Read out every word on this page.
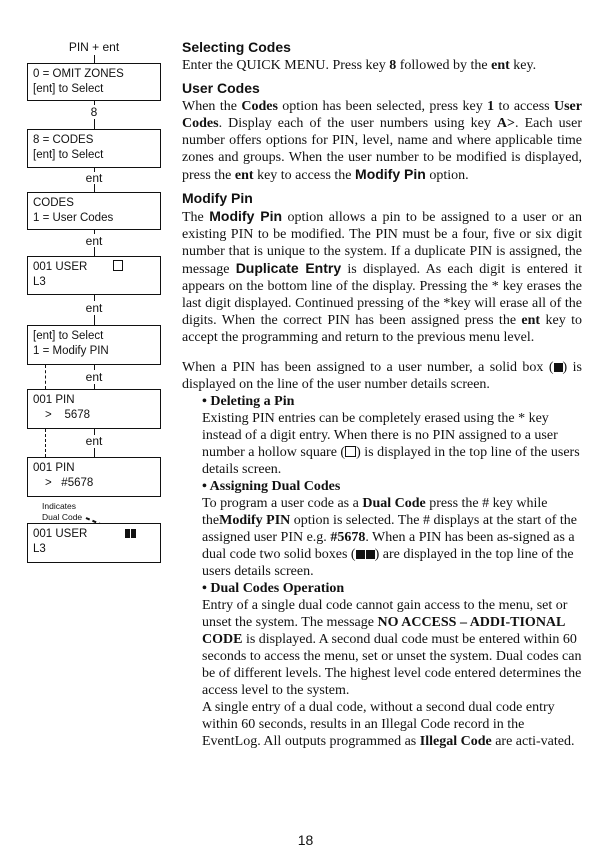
PIN + ent
0 = OMIT ZONES
[ent] to Select
8
8 = CODES
[ent] to Select
ent
CODES
1 = User Codes
ent
001 USER
L3
ent
[ent] to Select
1 = Modify PIN
ent
001 PIN
>    5678
ent
001 PIN
>   #5678
Indicates
Dual Code
001 USER
L3
Selecting Codes

Enter the QUICK MENU. Press key 8 followed by the ent key.

User Codes

When the Codes option has been selected, press key 1 to access User Codes. Display each of the user numbers using key A>. Each user number offers options for PIN, level, name and where applicable time zones and groups. When the user number to be modified is displayed, press the ent key to access the Modify Pin option.

Modify Pin

The Modify Pin option allows a pin to be assigned to a user or an existing PIN to be modified. The PIN must be a four, five or six digit number that is unique to the system. If a duplicate PIN is assigned, the message Duplicate Entry is displayed. As each digit is entered it appears on the bottom line of the display. Pressing the * key erases the last digit displayed. Continued pressing of the *key will erase all of the digits. When the correct PIN has been assigned press the ent key to accept the programming and return to the previous menu level.

When a PIN has been assigned to a user number, a solid box ( ) is displayed on the line of the user number details screen.

• Deleting a Pin
Existing PIN entries can be completely erased using the * key instead of a digit entry. When there is no PIN assigned to a user number a hollow square ( ) is displayed in the top line of the users details screen.
• Assigning Dual Codes
To program a user code as a Dual Code press the # key while theModify PIN option is selected. The # displays at the start of the assigned user PIN e.g. #5678. When a PIN has been as-signed as a dual code two solid boxes ( ) are displayed in the top line of the users details screen.
• Dual Codes Operation
Entry of a single dual code cannot gain access to the menu, set or unset the system. The message NO ACCESS – ADDI-TIONAL CODE is displayed. A second dual code must be entered within 60 seconds to access the menu, set or unset the system. Dual codes can be of different levels. The highest level code entered determines the access level to the system.
A single entry of a dual code, without a second dual code entry within 60 seconds, results in an Illegal Code record in the EventLog. All outputs programmed as Illegal Code are acti-vated.
18
